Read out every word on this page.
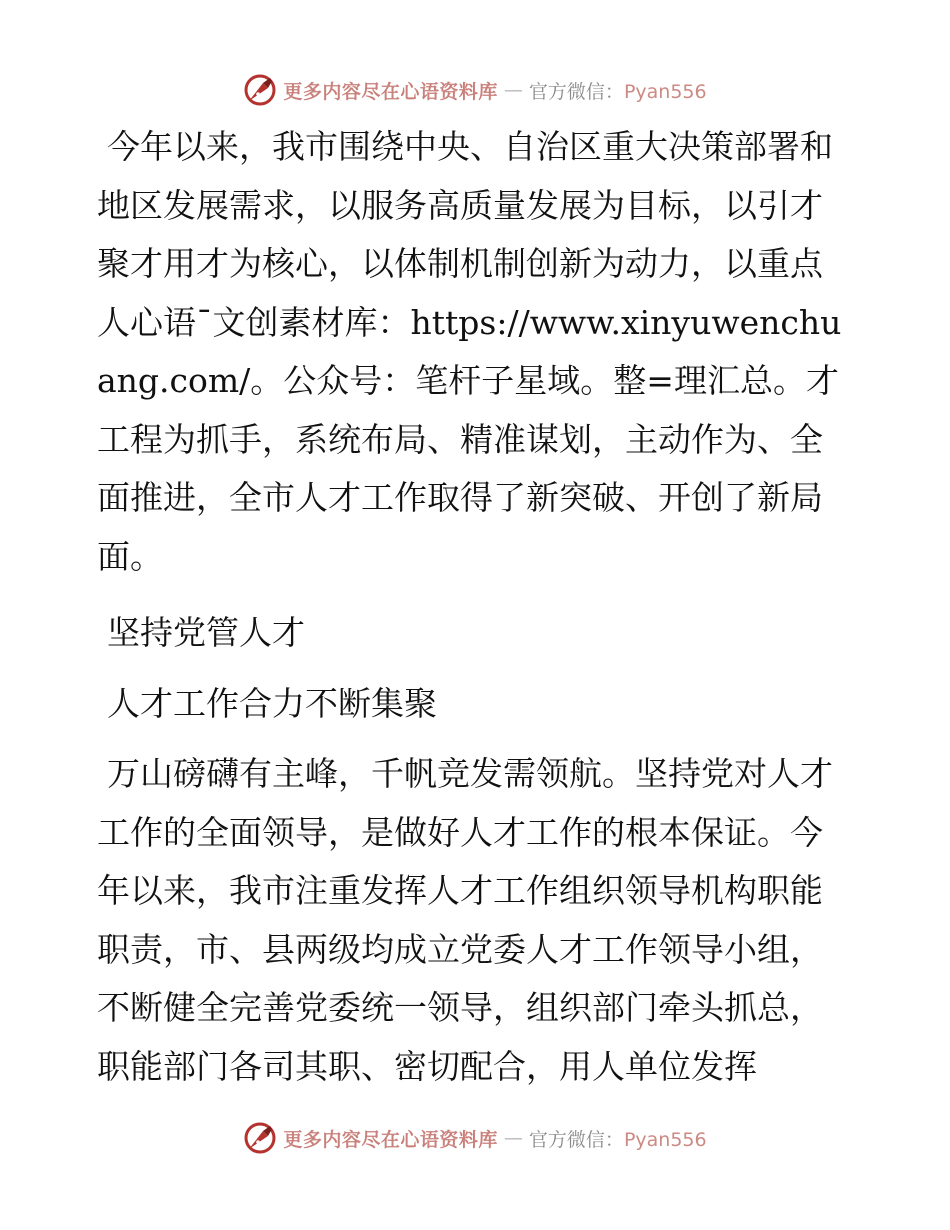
更多内容尽在心语资料库 — 官方微信：Pyan556

今年以来，我市围绕中央、自治区重大决策部署和地区发展需求，以服务高质量发展为目标，以引才聚才用才为核心，以体制机制创新为动力，以重点人心语¯文创素材库：https://www.xinyuwenchuang.com/。公众号：笔杆子星域。整=理汇总。才工程为抓手，系统布局、精准谋划，主动作为、全面推进，全市人才工作取得了新突破、开创了新局面。

坚持党管人才

人才工作合力不断集聚

万山磅礴有主峰，千帆竞发需领航。坚持党对人才工作的全面领导，是做好人才工作的根本保证。今年以来，我市注重发挥人才工作组织领导机构职能职责，市、县两级均成立党委人才工作领导小组，不断健全完善党委统一领导，组织部门牵头抓总，职能部门各司其职、密切配合，用人单位发挥

更多内容尽在心语资料库 — 官方微信：Pyan556
